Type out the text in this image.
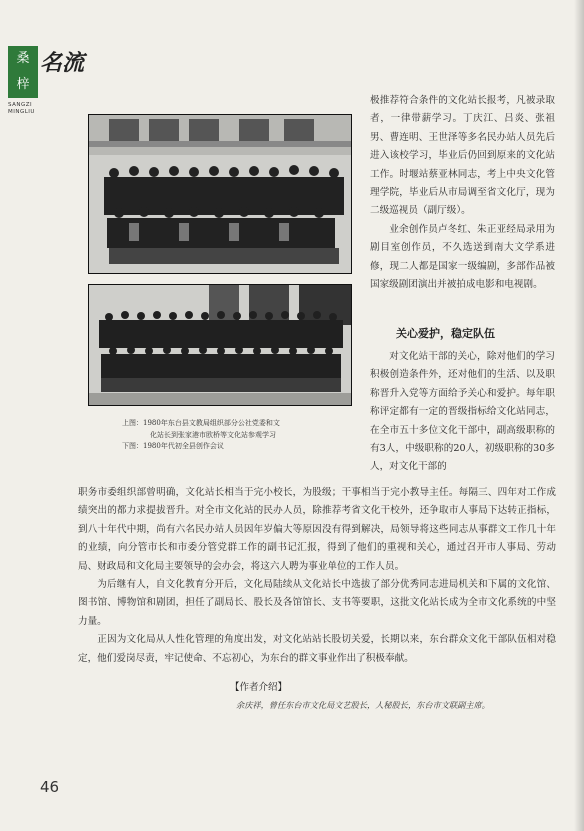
桑
梓
名流
SANGZI
MINGLIU

上图：1980年东台县文教局组织部分公社党委和文

化站长到张家港市欧桥等文化站参观学习

下图：1980年代初全县创作会议

极推荐符合条件的文化站长报考，凡被录取者，一律带薪学习。丁庆江、吕炎、张祖男、曹连明、王世泽等多名民办站人员先后进入该校学习，毕业后仍回到原来的文化站工作。时堰站蔡亚林同志，考上中央文化管理学院，毕业后从市局调至省文化厅，现为二级巡视员（副厅级）。

业余创作员卢冬红、朱正亚经局录用为剧目室创作员，不久选送到南大文学系进修，现二人都是国家一级编剧，多部作品被国家级剧团演出并被拍成电影和电视剧。

关心爱护，稳定队伍

对文化站干部的关心，除对他们的学习积极创造条件外，还对他们的生活、以及职称晋升入党等方面给予关心和爱护。每年职称评定都有一定的晋级指标给文化站同志，在全市五十多位文化干部中，副高级职称的有3人，中级职称的20人，初级职称的30多人，对文化干部的

职务市委组织部曾明确，文化站长相当于完小校长，为股级；干事相当于完小教导主任。每隔三、四年对工作成绩突出的都力求提拔晋升。对全市文化站的民办人员，除推荐考省文化干校外，还争取市人事局下达转正指标，到八十年代中期，尚有六名民办站人员因年岁偏大等原因没有得到解决，局领导将这些同志从事群文工作几十年的业绩，向分管市长和市委分管党群工作的副书记汇报，得到了他们的重视和关心，通过召开市人事局、劳动局、财政局和文化局主要领导的会办会，将这六人聘为事业单位的工作人员。

为后继有人，自文化教育分开后，文化局陆续从文化站长中选拔了部分优秀同志进局机关和下属的文化馆、图书馆、博物馆和剧团，担任了副局长、股长及各馆馆长、支书等要职，这批文化站长成为全市文化系统的中坚力量。

正因为文化局从人性化管理的角度出发，对文化站站长股切关爱，长期以来，东台群众文化干部队伍相对稳定，他们爱岗尽责，牢记使命、不忘初心，为东台的群文事业作出了积极奉献。

【作者介绍】
余庆祥，曾任东台市文化局文艺股长，人秘股长，东台市文联副主席。
46
